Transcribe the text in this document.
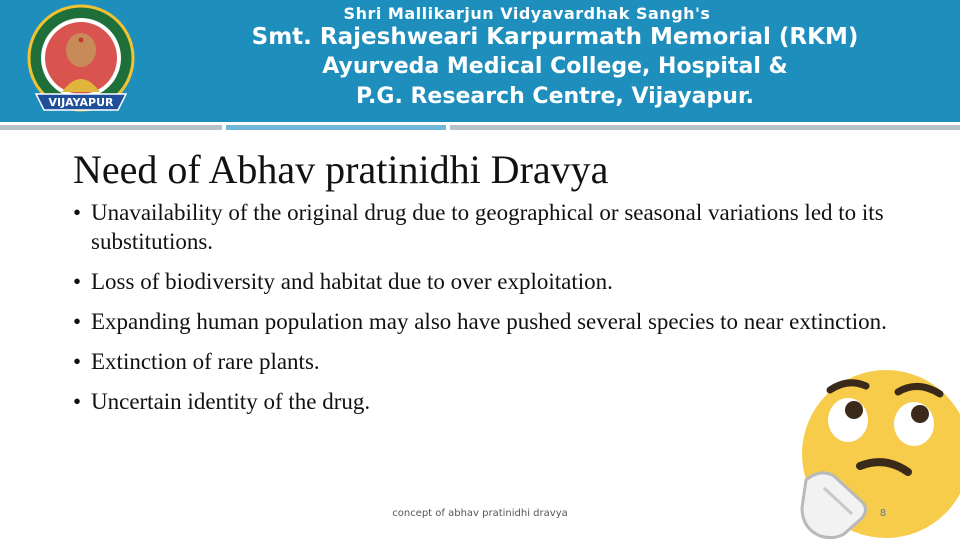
VIJAYAPUR
Shri Mallikarjun Vidyavardhak Sangh's
Smt. Rajeshweari Karpurmath Memorial (RKM)
Ayurveda Medical College, Hospital &
P.G. Research Centre, Vijayapur.
Need of Abhav pratinidhi Dravya
• Unavailability of the original drug due to geographical or seasonal variations led to its substitutions.
• Loss of biodiversity and habitat due to over exploitation.
• Expanding human population may also have pushed several species to near extinction.
• Extinction of rare plants.
• Uncertain identity of the drug.
concept of abhav pratinidhi dravya	8
